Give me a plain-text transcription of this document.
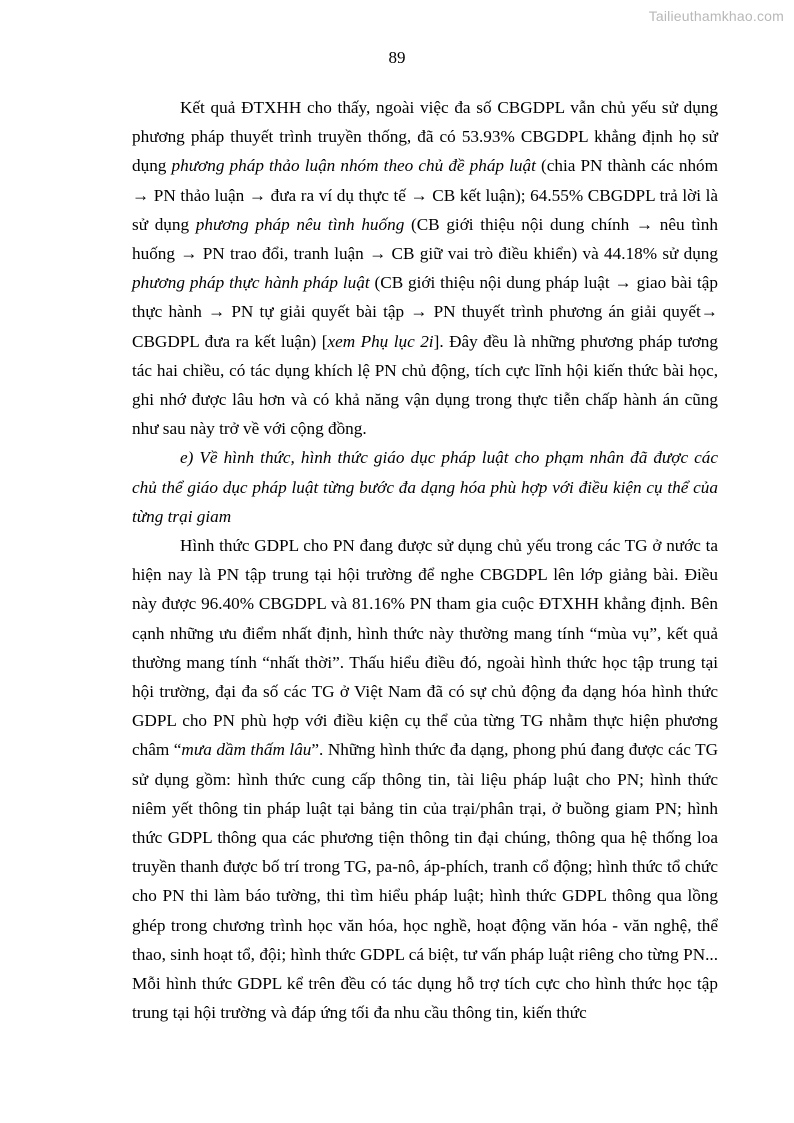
Tailieuthamkhao.com
89

Kết quả ĐTXHH cho thấy, ngoài việc đa số CBGDPL vẫn chủ yếu sử dụng phương pháp thuyết trình truyền thống, đã có 53.93% CBGDPL khẳng định họ sử dụng phương pháp thảo luận nhóm theo chủ đề pháp luật (chia PN thành các nhóm → PN thảo luận → đưa ra ví dụ thực tế → CB kết luận); 64.55% CBGDPL trả lời là sử dụng phương pháp nêu tình huống (CB giới thiệu nội dung chính → nêu tình huống → PN trao đổi, tranh luận → CB giữ vai trò điều khiển) và 44.18% sử dụng phương pháp thực hành pháp luật (CB giới thiệu nội dung pháp luật → giao bài tập thực hành → PN tự giải quyết bài tập → PN thuyết trình phương án giải quyết→ CBGDPL đưa ra kết luận) [xem Phụ lục 2i]. Đây đều là những phương pháp tương tác hai chiều, có tác dụng khích lệ PN chủ động, tích cực lĩnh hội kiến thức bài học, ghi nhớ được lâu hơn và có khả năng vận dụng trong thực tiễn chấp hành án cũng như sau này trở về với cộng đồng.

e) Về hình thức, hình thức giáo dục pháp luật cho phạm nhân đã được các chủ thể giáo dục pháp luật từng bước đa dạng hóa phù hợp với điều kiện cụ thể của từng trại giam

Hình thức GDPL cho PN đang được sử dụng chủ yếu trong các TG ở nước ta hiện nay là PN tập trung tại hội trường để nghe CBGDPL lên lớp giảng bài. Điều này được 96.40% CBGDPL và 81.16% PN tham gia cuộc ĐTXHH khẳng định. Bên cạnh những ưu điểm nhất định, hình thức này thường mang tính “mùa vụ”, kết quả thường mang tính “nhất thời”. Thấu hiểu điều đó, ngoài hình thức học tập trung tại hội trường, đại đa số các TG ở Việt Nam đã có sự chủ động đa dạng hóa hình thức GDPL cho PN phù hợp với điều kiện cụ thể của từng TG nhằm thực hiện phương châm “mưa dầm thấm lâu”. Những hình thức đa dạng, phong phú đang được các TG sử dụng gồm: hình thức cung cấp thông tin, tài liệu pháp luật cho PN; hình thức niêm yết thông tin pháp luật tại bảng tin của trại/phân trại, ở buồng giam PN; hình thức GDPL thông qua các phương tiện thông tin đại chúng, thông qua hệ thống loa truyền thanh được bố trí trong TG, pa-nô, áp-phích, tranh cổ động; hình thức tổ chức cho PN thi làm báo tường, thi tìm hiểu pháp luật; hình thức GDPL thông qua lồng ghép trong chương trình học văn hóa, học nghề, hoạt động văn hóa - văn nghệ, thể thao, sinh hoạt tổ, đội; hình thức GDPL cá biệt, tư vấn pháp luật riêng cho từng PN... Mỗi hình thức GDPL kể trên đều có tác dụng hỗ trợ tích cực cho hình thức học tập trung tại hội trường và đáp ứng tối đa nhu cầu thông tin, kiến thức
